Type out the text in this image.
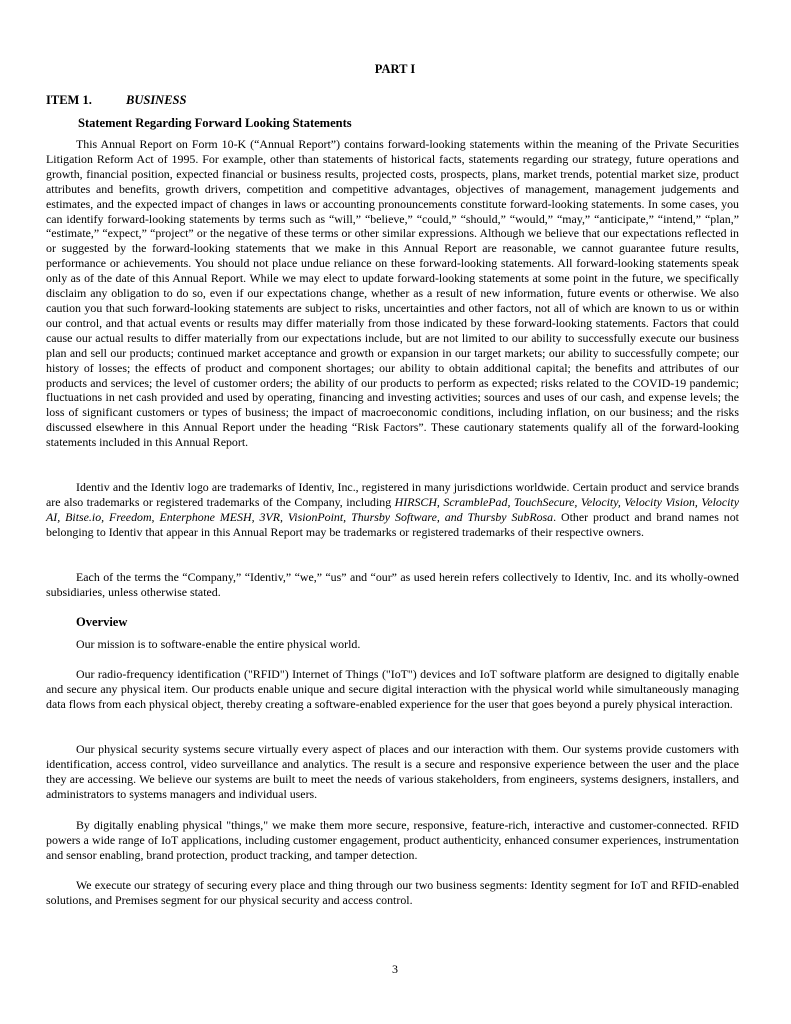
PART I
ITEM 1.	BUSINESS
Statement Regarding Forward Looking Statements

This Annual Report on Form 10-K (“Annual Report”) contains forward-looking statements within the meaning of the Private Securities Litigation Reform Act of 1995. For example, other than statements of historical facts, statements regarding our strategy, future operations and growth, financial position, expected financial or business results, projected costs, prospects, plans, market trends, potential market size, product attributes and benefits, growth drivers, competition and competitive advantages, objectives of management, management judgements and estimates, and the expected impact of changes in laws or accounting pronouncements constitute forward-looking statements. In some cases, you can identify forward-looking statements by terms such as “will,” “believe,” “could,” “should,” “would,” “may,” “anticipate,” “intend,” “plan,” “estimate,” “expect,” “project” or the negative of these terms or other similar expressions. Although we believe that our expectations reflected in or suggested by the forward-looking statements that we make in this Annual Report are reasonable, we cannot guarantee future results, performance or achievements. You should not place undue reliance on these forward-looking statements. All forward-looking statements speak only as of the date of this Annual Report. While we may elect to update forward-looking statements at some point in the future, we specifically disclaim any obligation to do so, even if our expectations change, whether as a result of new information, future events or otherwise. We also caution you that such forward-looking statements are subject to risks, uncertainties and other factors, not all of which are known to us or within our control, and that actual events or results may differ materially from those indicated by these forward-looking statements. Factors that could cause our actual results to differ materially from our expectations include, but are not limited to our ability to successfully execute our business plan and sell our products; continued market acceptance and growth or expansion in our target markets; our ability to successfully compete; our history of losses; the effects of product and component shortages; our ability to obtain additional capital; the benefits and attributes of our products and services; the level of customer orders; the ability of our products to perform as expected; risks related to the COVID-19 pandemic; fluctuations in net cash provided and used by operating, financing and investing activities; sources and uses of our cash, and expense levels; the loss of significant customers or types of business; the impact of macroeconomic conditions, including inflation, on our business; and the risks discussed elsewhere in this Annual Report under the heading “Risk Factors”. These cautionary statements qualify all of the forward-looking statements included in this Annual Report.

Identiv and the Identiv logo are trademarks of Identiv, Inc., registered in many jurisdictions worldwide. Certain product and service brands are also trademarks or registered trademarks of the Company, including HIRSCH, ScramblePad, TouchSecure, Velocity, Velocity Vision, Velocity AI, Bitse.io, Freedom, Enterphone MESH, 3VR, VisionPoint, Thursby Software, and Thursby SubRosa. Other product and brand names not belonging to Identiv that appear in this Annual Report may be trademarks or registered trademarks of their respective owners.

Each of the terms the “Company,” “Identiv,” “we,” “us” and “our” as used herein refers collectively to Identiv, Inc. and its wholly-owned subsidiaries, unless otherwise stated.

Overview

Our mission is to software-enable the entire physical world.

Our radio-frequency identification ("RFID") Internet of Things ("IoT") devices and IoT software platform are designed to digitally enable and secure any physical item. Our products enable unique and secure digital interaction with the physical world while simultaneously managing data flows from each physical object, thereby creating a software-enabled experience for the user that goes beyond a purely physical interaction.

Our physical security systems secure virtually every aspect of places and our interaction with them. Our systems provide customers with identification, access control, video surveillance and analytics. The result is a secure and responsive experience between the user and the place they are accessing. We believe our systems are built to meet the needs of various stakeholders, from engineers, systems designers, installers, and administrators to systems managers and individual users.

By digitally enabling physical "things," we make them more secure, responsive, feature-rich, interactive and customer-connected. RFID powers a wide range of IoT applications, including customer engagement, product authenticity, enhanced consumer experiences, instrumentation and sensor enabling, brand protection, product tracking, and tamper detection.

We execute our strategy of securing every place and thing through our two business segments: Identity segment for IoT and RFID-enabled solutions, and Premises segment for our physical security and access control.

3
